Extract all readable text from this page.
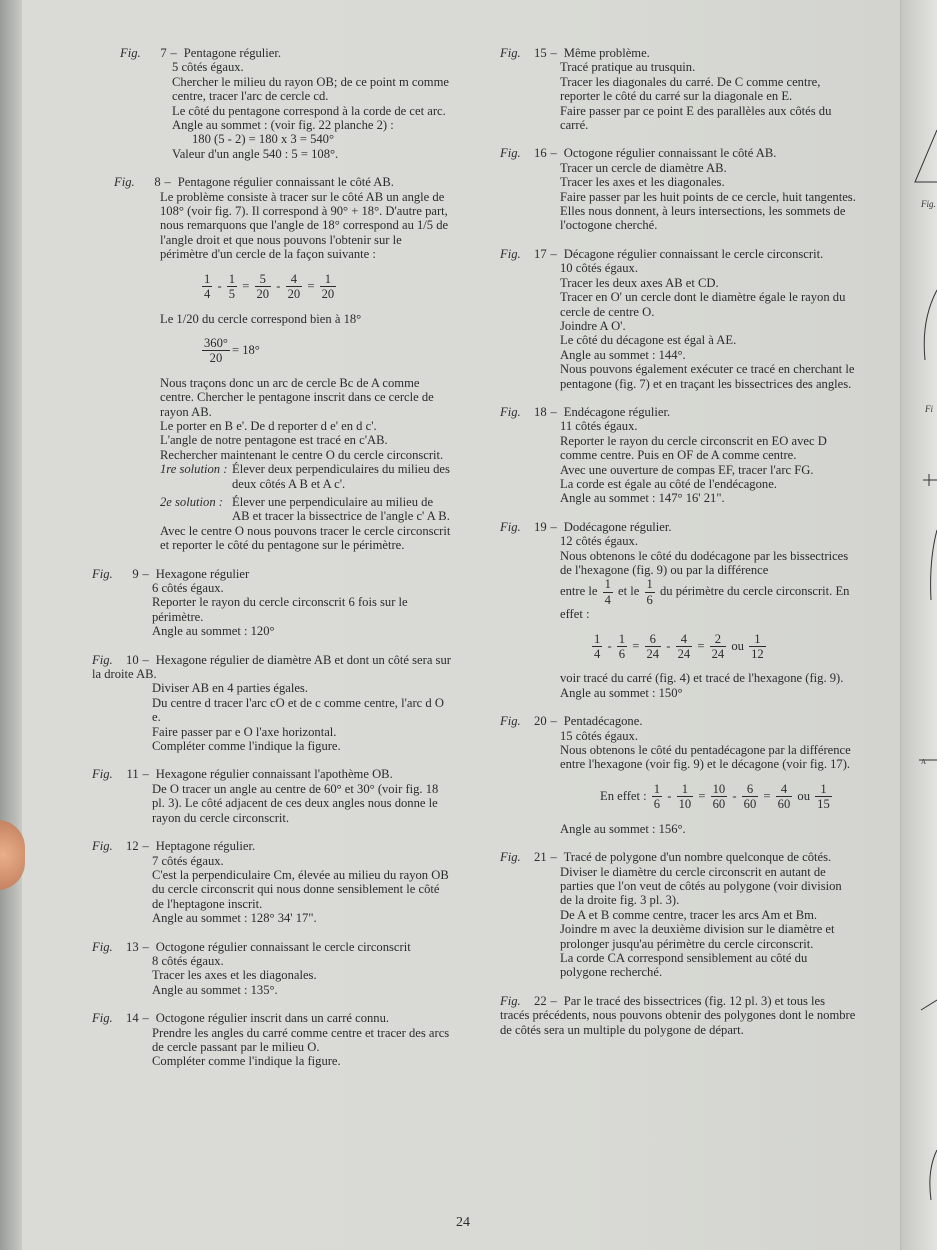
Fig.
Fi
A
Fig. 7 – Pentagone régulier.
5 côtés égaux.
Chercher le milieu du rayon OB; de ce point m comme centre, tracer l'arc de cercle cd.
Le côté du pentagone correspond à la corde de cet arc.
Angle au sommet : (voir fig. 22 planche 2) :
180 (5 - 2) = 180 x 3 = 540°
Valeur d'un angle 540 : 5 = 108°.
Fig. 8 – Pentagone régulier connaissant le côté AB.
Le problème consiste à tracer sur le côté AB un angle de 108° (voir fig. 7). Il correspond à 90° + 18°. D'autre part, nous remarquons que l'angle de 18° correspond au 1/5 de l'angle droit et que nous pouvons l'obtenir sur le périmètre d'un cercle de la façon suivante :
$\frac{1}{4} - \frac{1}{5} = \frac{5}{20} - \frac{4}{20} = \frac{1}{20}$
Le 1/20 du cercle correspond bien à 18°
$\frac{360^\circ}{20} = 18^\circ$
Nous traçons donc un arc de cercle Bc de A comme centre. Chercher le pentagone inscrit dans ce cercle de rayon AB.
Le porter en B e'. De d reporter d e' en d c'.
L'angle de notre pentagone est tracé en c'AB.
Rechercher maintenant le centre O du cercle circonscrit.
1re solution : Élever deux perpendiculaires du milieu des deux côtés A B et A c'.
2e solution : Élever une perpendiculaire au milieu de AB et tracer la bissectrice de l'angle c' A B.
Avec le centre O nous pouvons tracer le cercle circonscrit et reporter le côté du pentagone sur le périmètre.
Fig. 9 – Hexagone régulier
6 côtés égaux.
Reporter le rayon du cercle circonscrit 6 fois sur le périmètre.
Angle au sommet : 120°
Fig. 10 – Hexagone régulier de diamètre AB et dont un côté sera sur la droite AB.
Diviser AB en 4 parties égales.
Du centre d tracer l'arc cO et de c comme centre, l'arc d O e.
Faire passer par e O l'axe horizontal.
Compléter comme l'indique la figure.
Fig. 11 – Hexagone régulier connaissant l'apothème OB.
De O tracer un angle au centre de 60° et 30° (voir fig. 18 pl. 3). Le côté adjacent de ces deux angles nous donne le rayon du cercle circonscrit.
Fig. 12 – Heptagone régulier.
7 côtés égaux.
C'est la perpendiculaire Cm, élevée au milieu du rayon OB du cercle circonscrit qui nous donne sensiblement le côté de l'heptagone inscrit.
Angle au sommet : 128° 34' 17".
Fig. 13 – Octogone régulier connaissant le cercle circonscrit
8 côtés égaux.
Tracer les axes et les diagonales.
Angle au sommet : 135°.
Fig. 14 – Octogone régulier inscrit dans un carré connu.
Prendre les angles du carré comme centre et tracer des arcs de cercle passant par le milieu O.
Compléter comme l'indique la figure.
Fig. 15 – Même problème.
Tracé pratique au trusquin.
Tracer les diagonales du carré. De C comme centre, reporter le côté du carré sur la diagonale en E.
Faire passer par ce point E des parallèles aux côtés du carré.
Fig. 16 – Octogone régulier connaissant le côté AB.
Tracer un cercle de diamètre AB.
Tracer les axes et les diagonales.
Faire passer par les huit points de ce cercle, huit tangentes. Elles nous donnent, à leurs intersections, les sommets de l'octogone cherché.
Fig. 17 – Décagone régulier connaissant le cercle circonscrit.
10 côtés égaux.
Tracer les deux axes AB et CD.
Tracer en O' un cercle dont le diamètre égale le rayon du cercle de centre O.
Joindre A O'.
Le côté du décagone est égal à AE.
Angle au sommet : 144°.
Nous pouvons également exécuter ce tracé en cherchant le pentagone (fig. 7) et en traçant les bissectrices des angles.
Fig. 18 – Endécagone régulier.
11 côtés égaux.
Reporter le rayon du cercle circonscrit en EO avec D comme centre. Puis en OF de A comme centre.
Avec une ouverture de compas EF, tracer l'arc FG.
La corde est égale au côté de l'endécagone.
Angle au sommet : 147° 16' 21".
Fig. 19 – Dodécagone régulier.
12 côtés égaux.
Nous obtenons le côté du dodécagone par les bissectrices de l'hexagone (fig. 9) ou par la différence
entre le $\frac{1}{4}$ et le $\frac{1}{6}$ du périmètre du cercle circonscrit. En effet :
$\frac{1}{4} - \frac{1}{6} = \frac{6}{24} - \frac{4}{24} = \frac{2}{24}$ ou $\frac{1}{12}$
voir tracé du carré (fig. 4) et tracé de l'hexagone (fig. 9).
Angle au sommet : 150°
Fig. 20 – Pentadécagone.
15 côtés égaux.
Nous obtenons le côté du pentadécagone par la différence entre l'hexagone (voir fig. 9) et le décagone (voir fig. 17).
En effet : $\frac{1}{6} - \frac{1}{10} = \frac{10}{60} - \frac{6}{60} = \frac{4}{60}$ ou $\frac{1}{15}$
Angle au sommet : 156°.
Fig. 21 – Tracé de polygone d'un nombre quelconque de côtés.
Diviser le diamètre du cercle circonscrit en autant de parties que l'on veut de côtés au polygone (voir division de la droite fig. 3 pl. 3).
De A et B comme centre, tracer les arcs Am et Bm. Joindre m avec la deuxième division sur le diamètre et prolonger jusqu'au périmètre du cercle circonscrit.
La corde CA correspond sensiblement au côté du polygone recherché.
Fig. 22 – Par le tracé des bissectrices (fig. 12 pl. 3) et tous les tracés précédents, nous pouvons obtenir des polygones dont le nombre de côtés sera un multiple du polygone de départ.
24
